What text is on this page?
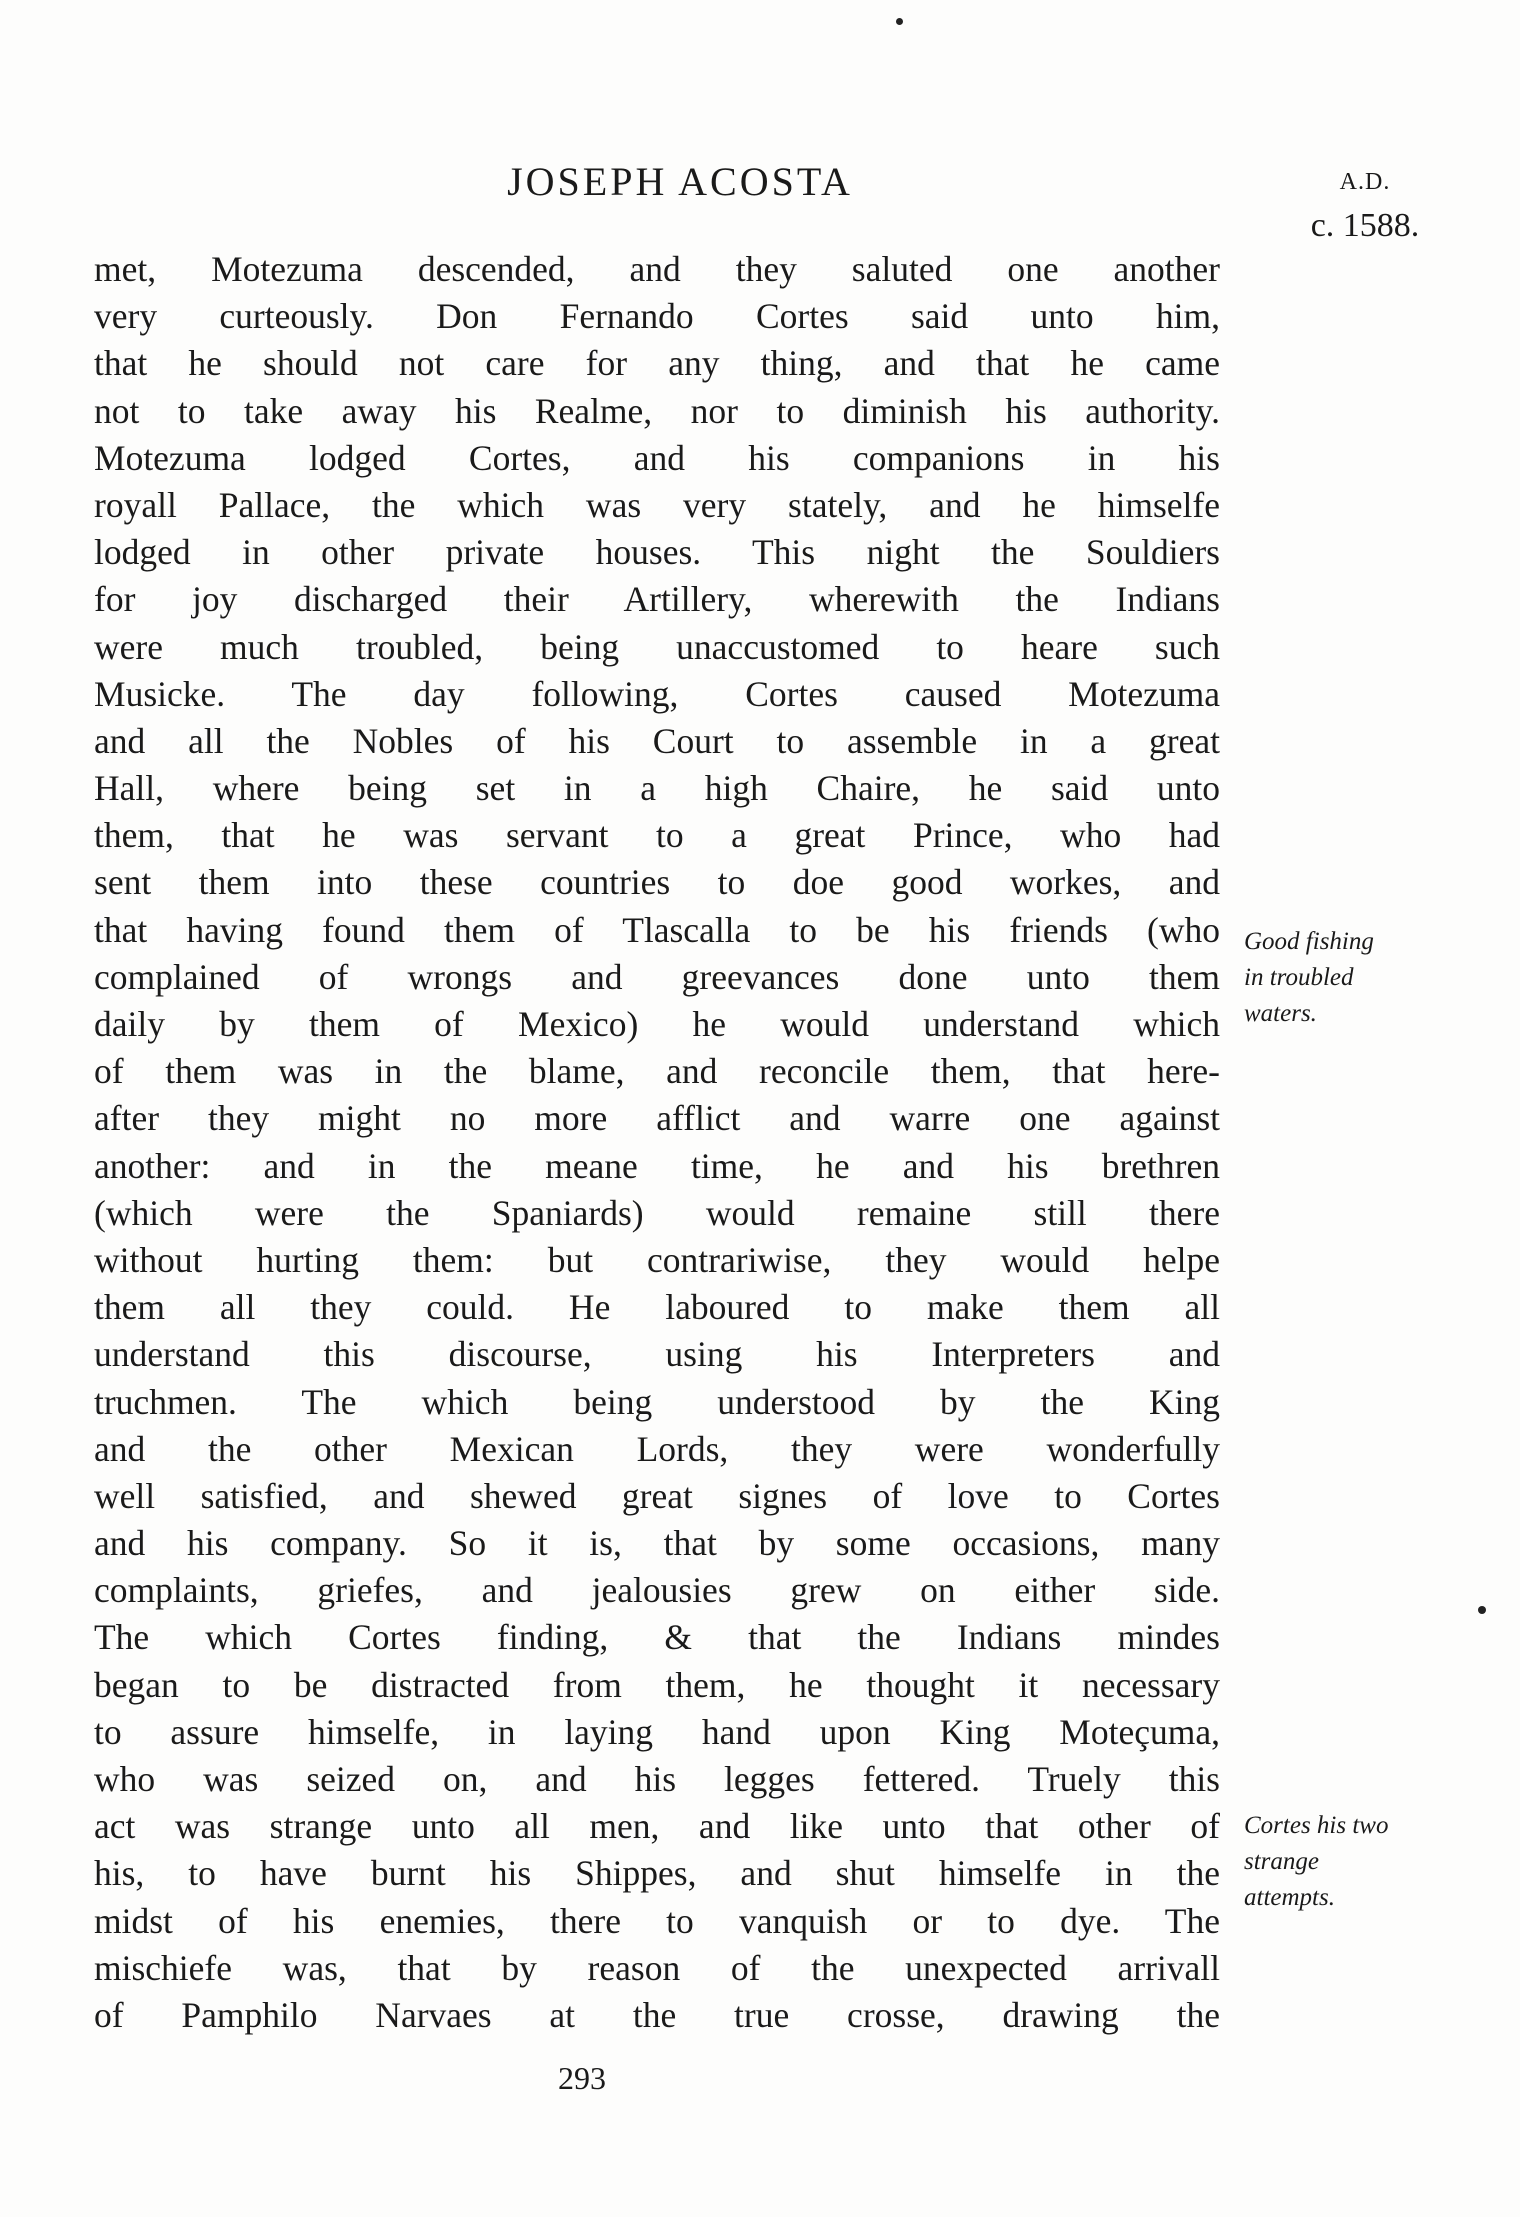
JOSEPH ACOSTA	A.D.
c. 1588.
met, Motezuma descended, and they saluted one another
very curteously. Don Fernando Cortes said unto him,
that he should not care for any thing, and that he came
not to take away his Realme, nor to diminish his authority.
Motezuma lodged Cortes, and his companions in his
royall Pallace, the which was very stately, and he himselfe
lodged in other private houses. This night the Souldiers
for joy discharged their Artillery, wherewith the Indians
were much troubled, being unaccustomed to heare such
Musicke. The day following, Cortes caused Motezuma
and all the Nobles of his Court to assemble in a great
Hall, where being set in a high Chaire, he said unto
them, that he was servant to a great Prince, who had
sent them into these countries to doe good workes, and
that having found them of Tlascalla to be his friends (who
complained of wrongs and greevances done unto them
daily by them of Mexico) he would understand which
of them was in the blame, and reconcile them, that here-
after they might no more afflict and warre one against
another: and in the meane time, he and his brethren
(which were the Spaniards) would remaine still there
without hurting them: but contrariwise, they would helpe
them all they could. He laboured to make them all
understand this discourse, using his Interpreters and
truchmen. The which being understood by the King
and the other Mexican Lords, they were wonderfully
well satisfied, and shewed great signes of love to Cortes
and his company. So it is, that by some occasions, many
complaints, griefes, and jealousies grew on either side.
The which Cortes finding, & that the Indians mindes
began to be distracted from them, he thought it necessary
to assure himselfe, in laying hand upon King Moteçuma,
who was seized on, and his legges fettered. Truely this
act was strange unto all men, and like unto that other of
his, to have burnt his Shippes, and shut himselfe in the
midst of his enemies, there to vanquish or to dye. The
mischiefe was, that by reason of the unexpected arrivall
of Pamphilo Narvaes at the true crosse, drawing the
Good fishing
in troubled
waters.
Cortes his two
strange
attempts.
293
